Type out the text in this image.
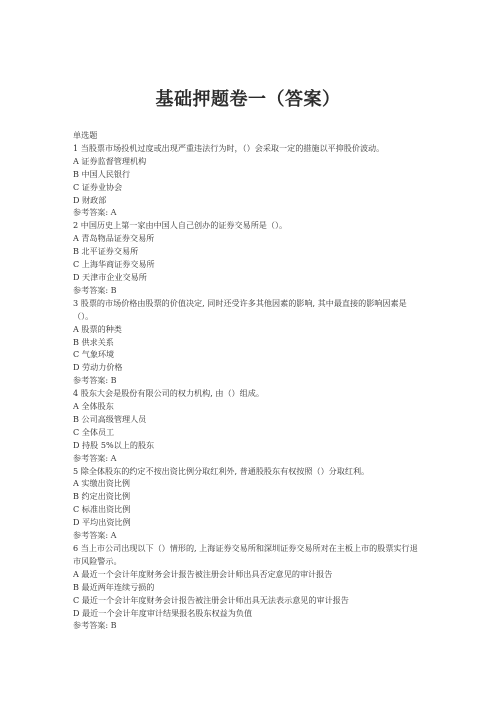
基础押题卷一（答案）
单选题
1 当股票市场投机过度或出现严重违法行为时，（）会采取一定的措施以平抑股价波动。
A 证券监督管理机构
B 中国人民银行
C 证券业协会
D 财政部
参考答案: A
2 中国历史上第一家由中国人自己创办的证券交易所是（）。
A 青岛物品证券交易所
B 北平证券交易所
C 上海华商证券交易所
D 天津市企业交易所
参考答案: B
3 股票的市场价格由股票的价值决定, 同时还受许多其他因素的影响, 其中最直接的影响因素是（）。
A 股票的种类
B 供求关系
C 气象环境
D 劳动力价格
参考答案: B
4 股东大会是股份有限公司的权力机构, 由（）组成。
A 全体股东
B 公司高级管理人员
C 全体员工
D 持股 5%以上的股东
参考答案: A
5 除全体股东的约定不按出资比例分取红利外, 普通股股东有权按照（）分取红利。
A 实缴出资比例
B 约定出资比例
C 标准出资比例
D 平均出资比例
参考答案: A
6 当上市公司出现以下（）情形的, 上海证券交易所和深圳证券交易所对在主板上市的股票实行退市风险警示。
A 最近一个会计年度财务会计报告被注册会计师出具否定意见的审计报告
B 最近两年连续亏损的
C 最近一个会计年度财务会计报告被注册会计师出具无法表示意见的审计报告
D 最近一个会计年度审计结果报名股东权益为负值
参考答案: B
